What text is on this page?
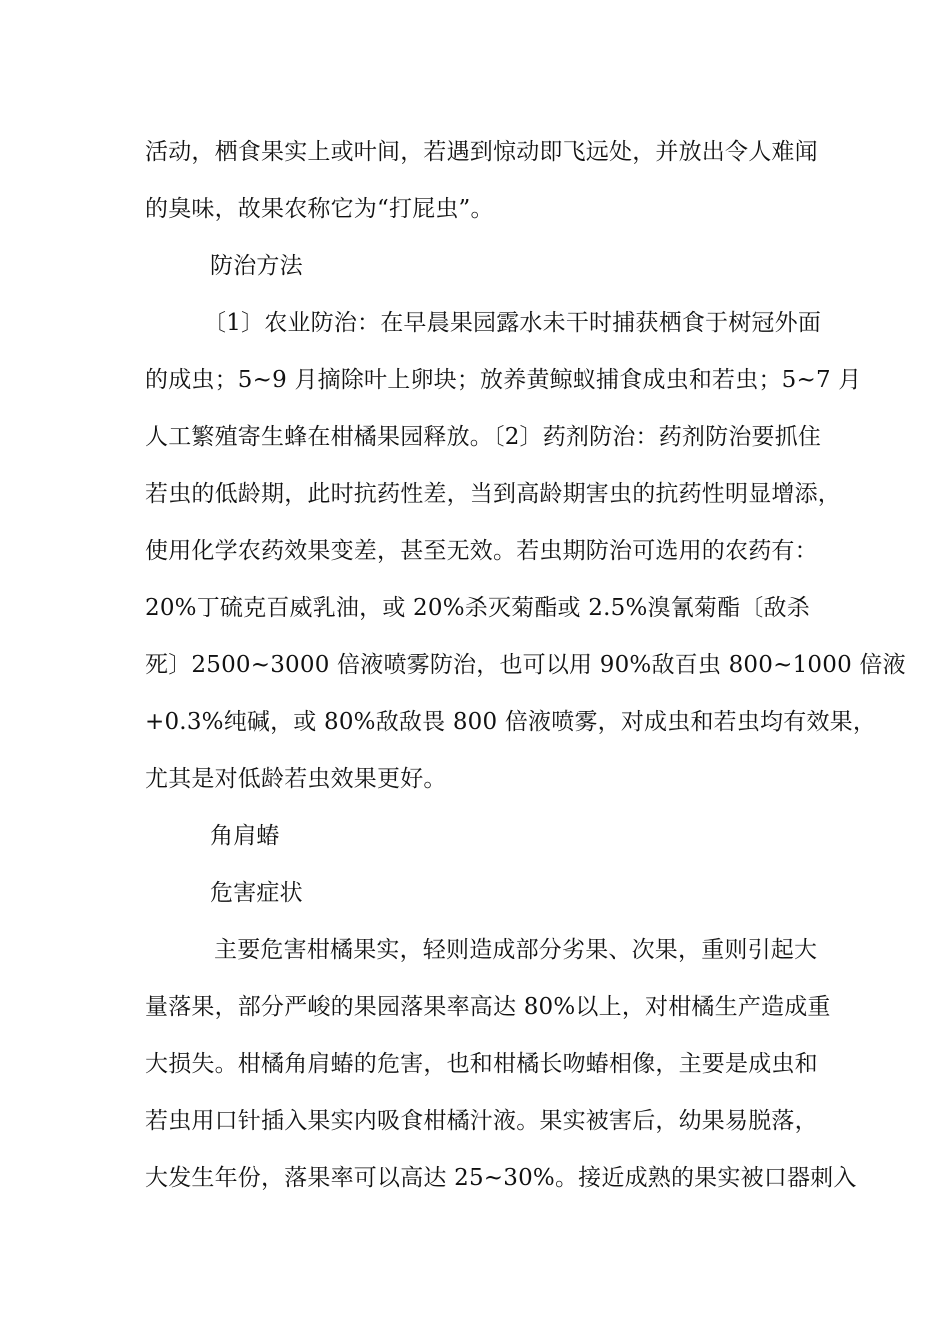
活动，栖食果实上或叶间，若遇到惊动即飞远处，并放出令人难闻
的臭味，故果农称它为“打屁虫”。
防治方法
〔1〕农业防治：在早晨果园露水未干时捕获栖食于树冠外面
的成虫；5~9 月摘除叶上卵块；放养黄鲸蚁捕食成虫和若虫；5~7 月
人工繁殖寄生蜂在柑橘果园释放。〔2〕药剂防治：药剂防治要抓住
若虫的低龄期，此时抗药性差，当到高龄期害虫的抗药性明显增添，
使用化学农药效果变差，甚至无效。若虫期防治可选用的农药有：
20%丁硫克百威乳油，或 20%杀灭菊酯或 2.5%溴氰菊酯〔敌杀
死〕2500~3000 倍液喷雾防治，也可以用 90%敌百虫 800~1000 倍液
+0.3%纯碱，或 80%敌敌畏 800 倍液喷雾，对成虫和若虫均有效果，
尤其是对低龄若虫效果更好。
角肩蝽
危害症状
主要危害柑橘果实，轻则造成部分劣果、次果，重则引起大
量落果，部分严峻的果园落果率高达 80%以上，对柑橘生产造成重
大损失。柑橘角肩蝽的危害，也和柑橘长吻蝽相像，主要是成虫和
若虫用口针插入果实内吸食柑橘汁液。果实被害后，幼果易脱落，
大发生年份，落果率可以高达 25~30%。接近成熟的果实被口器刺入
